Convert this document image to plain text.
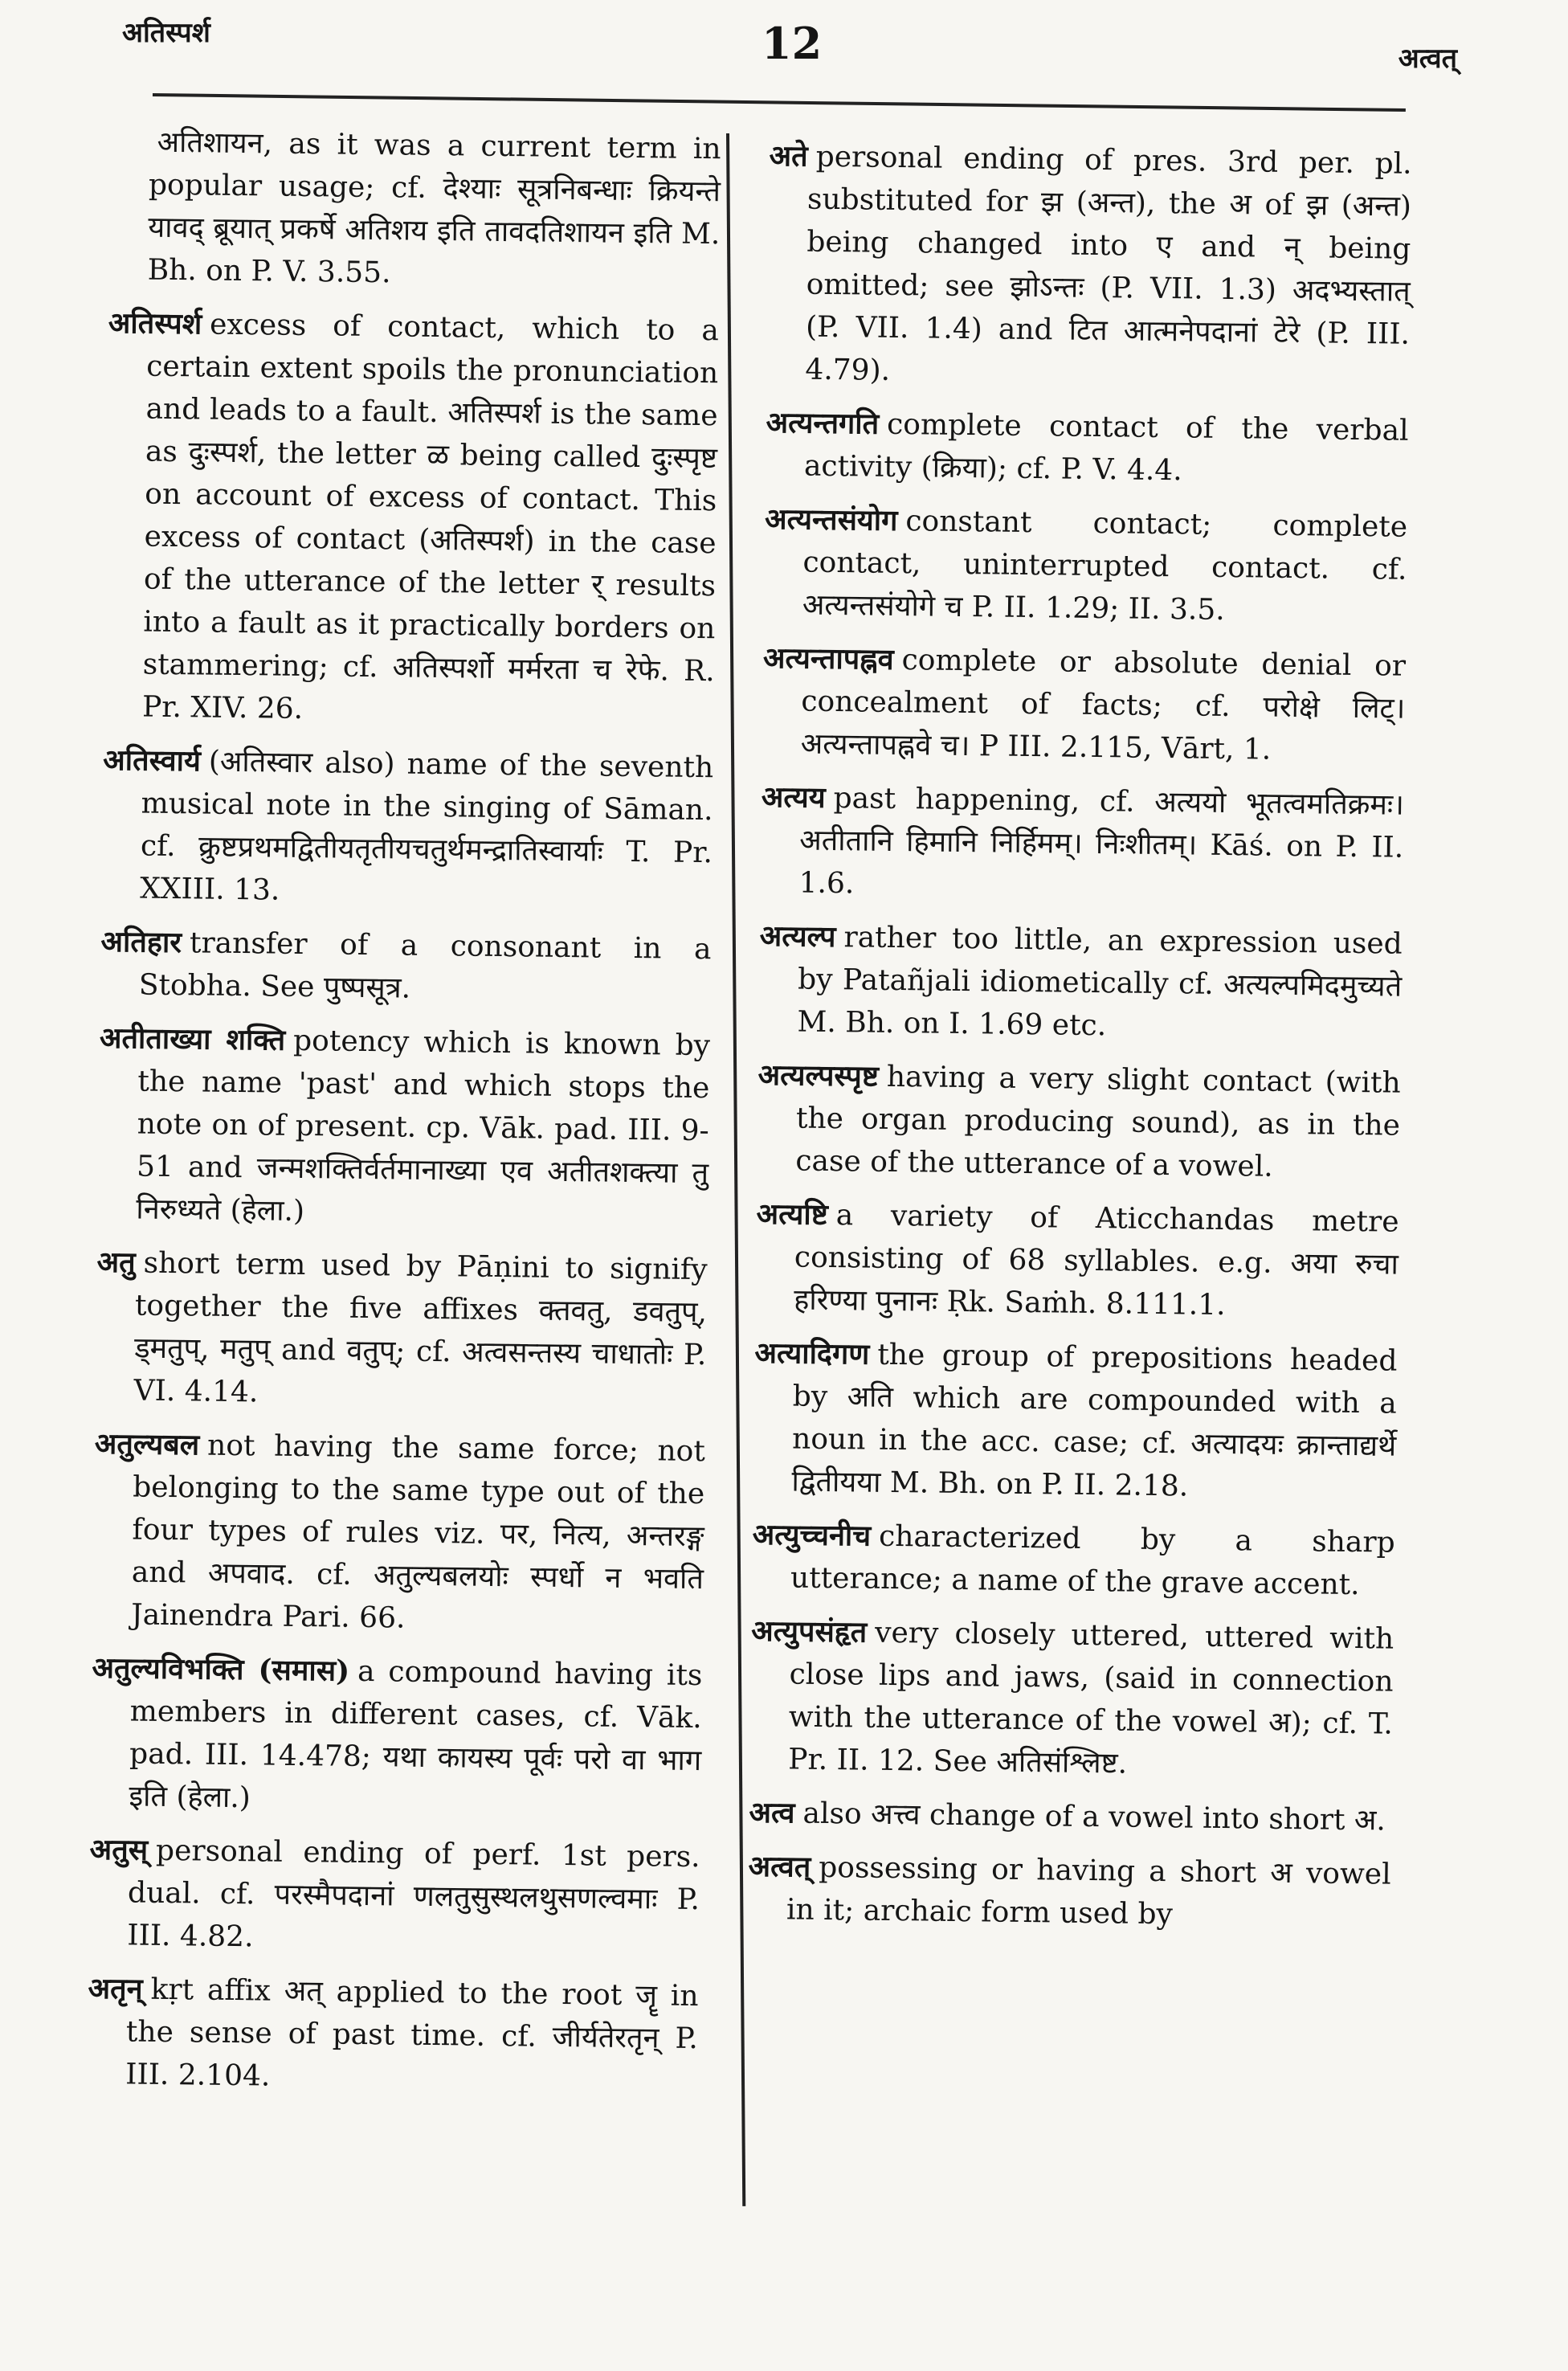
अतिस्पर्श	12	अत्वत्

अतिशायन, as it was a current term in popular usage; cf. देश्याः सूत्रनिबन्धाः क्रियन्ते यावद् ब्रूयात् प्रकर्षे अतिशय इति तावदतिशायन इति M. Bh. on P. V. 3.55.

अतिस्पर्श excess of contact, which to a certain extent spoils the pronunciation and leads to a fault. अतिस्पर्श is the same as दुःस्पर्श, the letter ळ being called दुःस्पृष्ट on account of excess of contact. This excess of contact (अतिस्पर्श) in the case of the utterance of the letter र् results into a fault as it practically borders on stammering; cf. अतिस्पर्शो मर्मरता च रेफे. R. Pr. XIV. 26.

अतिस्वार्य (अतिस्वार also) name of the seventh musical note in the singing of Sāman. cf. क्रुष्टप्रथमद्वितीयतृतीयचतुर्थमन्द्रातिस्वार्याः T. Pr. XXIII. 13.

अतिहार transfer of a consonant in a Stobha. See पुष्पसूत्र.

अतीताख्या शक्ति potency which is known by the name 'past' and which stops the note on of present. cp. Vāk. pad. III. 9-51 and जन्मशक्तिर्वर्तमानाख्या एव अतीतशक्त्या तु निरुध्यते (हेला.)

अतु short term used by Pāṇini to signify together the five affixes क्तवतु, डवतुप्, ड्मतुप्, मतुप् and वतुप्; cf. अत्वसन्तस्य चाधातोः P. VI. 4.14.

अतुल्यबल not having the same force; not belonging to the same type out of the four types of rules viz. पर, नित्य, अन्तरङ्ग and अपवाद. cf. अतुल्यबलयोः स्पर्धो न भवति Jainendra Pari. 66.

अतुल्यविभक्ति (समास) a compound having its members in different cases, cf. Vāk. pad. III. 14.478; यथा कायस्य पूर्वः परो वा भाग इति (हेला.)

अतुस् personal ending of perf. 1st pers. dual. cf. परस्मैपदानां णलतुसुस्थलथुसणल्वमाः P. III. 4.82.

अतृन् kṛt affix अत् applied to the root जॄ in the sense of past time. cf. जीर्यतेरतृन् P. III. 2.104.

अते personal ending of pres. 3rd per. pl. substituted for झ (अन्त), the अ of झ (अन्त) being changed into ए and न् being omitted; see झोऽन्तः (P. VII. 1.3) अदभ्यस्तात् (P. VII. 1.4) and टित आत्मनेपदानां टेरे (P. III. 4.79).

अत्यन्तगति complete contact of the verbal activity (क्रिया); cf. P. V. 4.4.

अत्यन्तसंयोग constant contact; complete contact, uninterrupted contact. cf. अत्यन्तसंयोगे च P. II. 1.29; II. 3.5.

अत्यन्तापह्नव complete or absolute denial or concealment of facts; cf. परोक्षे लिट्। अत्यन्तापह्नवे च। P III. 2.115, Vārt, 1.

अत्यय past happening, cf. अत्ययो भूतत्वमतिक्रमः। अतीतानि हिमानि निर्हिमम्। निःशीतम्। Kāś. on P. II. 1.6.

अत्यल्प rather too little, an expression used by Patañjali idiometically cf. अत्यल्पमिदमुच्यते M. Bh. on I. 1.69 etc.

अत्यल्पस्पृष्ट having a very slight contact (with the organ producing sound), as in the case of the utterance of a vowel.

अत्यष्टि a variety of Aticchandas metre consisting of 68 syllables. e.g. अया रुचा हरिण्या पुनानः Ṛk. Saṁh. 8.111.1.

अत्यादिगण the group of prepositions headed by अति which are compounded with a noun in the acc. case; cf. अत्यादयः क्रान्ताद्यर्थे द्वितीयया M. Bh. on P. II. 2.18.

अत्युच्चनीच characterized by a sharp utterance; a name of the grave accent.

अत्युपसंहृत very closely uttered, uttered with close lips and jaws, (said in connection with the utterance of the vowel अ); cf. T. Pr. II. 12. See अतिसंश्लिष्ट.

अत्व also अत्त्व change of a vowel into short अ.

अत्वत् possessing or having a short अ vowel in it; archaic form used by
